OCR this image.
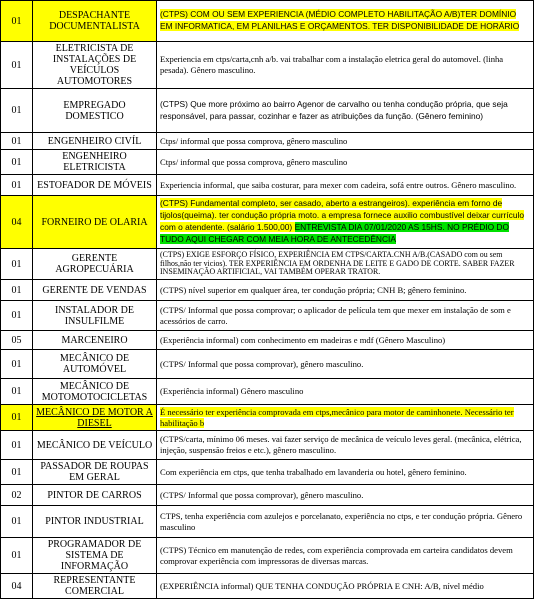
01	DESPACHANTE DOCUMENTALISTA	(CTPS) COM OU SEM EXPERIENCIA (MÉDIO COMPLETO HABILITAÇÃO A/B)TER DOMÍNIO EM INFORMATICA, EM PLANILHAS E ORÇAMENTOS. TER DISPONIBILIDADE DE HORÁRIO
01	ELETRICISTA DE INSTALAÇÕES DE VEÍCULOS AUTOMOTORES	Experiencia em ctps/carta,cnh a/b. vai trabalhar com a instalação eletrica geral do automovel. (linha pesada). Gênero masculino.
01	EMPREGADO DOMESTICO	(CTPS) Que more próximo ao bairro Agenor de carvalho ou tenha condução própria, que seja responsável, para passar, cozinhar e fazer as atribuições da função. (Gênero feminino)
01	ENGENHEIRO CIVÍL	Ctps/ informal que possa comprova, gênero masculino
01	ENGENHEIRO ELETRICISTA	Ctps/ informal que possa comprova, gênero masculino
01	ESTOFADOR DE MÓVEIS	Experiencia informal, que saiba costurar, para mexer com cadeira, sofá entre outros. Gênero masculino.
04	FORNEIRO DE OLARIA	(CTPS) Fundamental completo, ser casado, aberto a estrangeiros). experiência em forno de tijolos(queima). ter condução própria moto. a empresa fornece auxilio combustível deixar currículo com o atendente. (salário 1.500,00) ENTREVISTA DIA 07/01/2020 AS 15HS. NO PRÉDIO DO TUDO AQUI CHEGAR COM MEIA HORA DE ANTECEDÊNCIA
01	GERENTE AGROPECUÁRIA	(CTPS) EXIGE ESFORÇO FÍSICO, EXPERIÊNCIA EM CTPS/CARTA.CNH A/B.(CASADO com ou sem filhos,não ter vicios). TER EXPERIÊNCIA EM ORDENHA DE LEITE E GADO DE CORTE. SABER FAZER INSEMINAÇÃO ARTIFICIAL, VAI TAMBÉM OPERAR TRATOR.
01	GERENTE DE VENDAS	(CTPS) nível superior em qualquer área, ter condução própria; CNH B; gênero feminino.
01	INSTALADOR DE INSULFILME	(CTPS/ Informal que possa comprovar; o aplicador de película tem que mexer em instalação de som e acessórios de carro.
05	MARCENEIRO	(Experiência informal) com conhecimento em madeiras e mdf (Gênero Masculino)
01	MECÂNICO DE AUTOMÓVEL	(CTPS/ Informal que possa comprovar), gênero masculino.
01	MECÂNICO DE MOTOMOTOCICLETAS	(Experiência informal) Gênero masculino
01	MECÂNICO DE MOTOR A DIESEL	É necessário ter experiência comprovada em ctps,mecânico para motor de caminhonete. Necessário ter habilitação b
01	MECÂNICO DE VEÍCULO	(CTPS/carta, mínimo 06 meses. vai fazer serviço de mecânica de veículo leves geral. (mecânica, elétrica, injeção, suspensão freios e etc.), gênero masculino.
01	PASSADOR DE ROUPAS EM GERAL	Com experiência em ctps, que tenha trabalhado em lavanderia ou hotel, gênero feminino.
02	PINTOR DE CARROS	(CTPS/ Informal que possa comprovar), gênero masculino.
01	PINTOR INDUSTRIAL	CTPS, tenha experiência com azulejos e porcelanato, experiência no ctps, e ter condução própria. Gênero masculino
01	PROGRAMADOR DE SISTEMA DE INFORMAÇÃO	(CTPS) Técnico em manutenção de redes, com experiência comprovada em carteira candidatos devem comprovar experiência com impressoras de diversas marcas.
04	REPRESENTANTE COMERCIAL	(EXPERIÊNCIA informal) QUE TENHA CONDUÇÃO PRÓPRIA E CNH: A/B, nível médio
